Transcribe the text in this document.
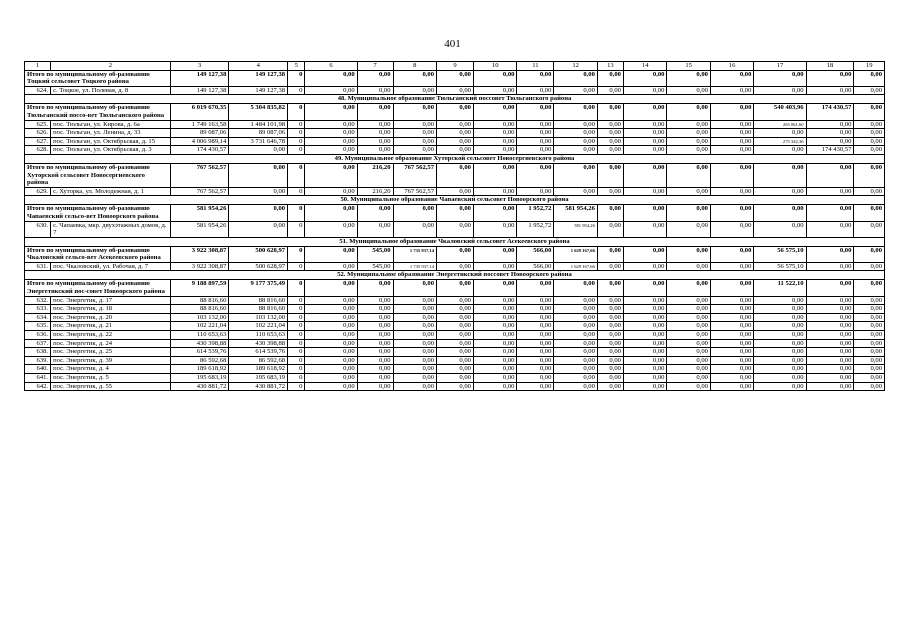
401
1	2	3	4	5	6	7	8	9	10	11	12	13	14	15	16	17	18	19
Итого по муниципальному об-разованию Тоцкий сельсовет Тоцкого района		149 127,38	149 127,38	0	0,00	0,00	0,00	0,00	0,00	0,00	0,00	0,00	0,00	0,00	0,00	0,00	0,00	0,00
624.	с. Тоцкое, ул. Полевая, д. 8	149 127,38	149 127,38	0	0,00	0,00	0,00	0,00	0,00	0,00	0,00	0,00	0,00	0,00	0,00	0,00	0,00	0,00
48. Муниципальное образование Тюльганский поссовет Тюльганского района																		
Итого по муниципальному об-разованию Тюльганский поссо-вет Тюльганского района		6 019 670,35	5 304 835,82	0	0,00	0,00	0,00	0,00	0,00	0,00	0,00	0,00	0,00	0,00	0,00	540 403,96	174 430,57	0,00
625.	пос. Тюльган, ул. Кирова, д. 6а	1 749 163,58	1 484 101,98	0	0,00	0,00	0,00	0,00	0,00	0,00	0,00	0,00	0,00	0,00	0,00	265 061,60	0,00	0,00
626.	пос. Тюльган, ул. Ленина, д. 33	89 087,06	89 087,06	0	0,00	0,00	0,00	0,00	0,00	0,00	0,00	0,00	0,00	0,00	0,00	0,00	0,00	0,00
627.	пос. Тюльган, ул. Октябрьская, д. 15	4 006 989,14	3 731 646,78	0	0,00	0,00	0,00	0,00	0,00	0,00	0,00	0,00	0,00	0,00	0,00	275 342,36	0,00	0,00
628.	пос. Тюльган, ул. Октябрьская, д. 3	174 430,57	0,00	0	0,00	0,00	0,00	0,00	0,00	0,00	0,00	0,00	0,00	0,00	0,00	0,00	174 430,57	0,00
49. Муниципальное образование Хуторской сельсовет Новосергиевского района																		
Итого по муниципальному об-разованию Хуторской сельсовет Новосергиевского района		767 562,57	0,00	0	0,00	216,20	767 562,57	0,00	0,00	0,00	0,00	0,00	0,00	0,00	0,00	0,00	0,00	0,00
629.	с. Хуторка, ул. Молодежная, д. 1	767 562,57	0,00	0	0,00	216,20	767 562,57	0,00	0,00	0,00	0,00	0,00	0,00	0,00	0,00	0,00	0,00	0,00
50. Муниципальное образование Чапаевский сельсовет Новоорского района																		
Итого по муниципальному об-разованию Чапаевский сельсо-вет Новоорского района		581 954,26	0,00	0	0,00	0,00	0,00	0,00	0,00	1 952,72	581 954,26	0,00	0,00	0,00	0,00	0,00	0,00	0,00
630.	с. Чапаевка, мкр. двухэтажных домов, д. 7	581 954,26	0,00	0	0,00	0,00	0,00	0,00	0,00	1 952,72	581 954,26	0,00	0,00	0,00	0,00	0,00	0,00	0,00
51. Муниципальное образование Чкаловский сельсовет Асекеевского района																		
Итого по муниципальному об-разованию Чкаловский сельсо-вет Асекеевского района		3 922 308,87	500 628,97	0	0,00	545,00	1 735 937,14	0,00	0,00	566,00	1 629 167,66	0,00	0,00	0,00	0,00	56 575,10	0,00	0,00
631.	пос. Чкаловский, ул. Рабочая, д. 7	3 922 308,87	500 628,97	0	0,00	545,00	1 735 937,14	0,00	0,00	566,00	1 629 167,66	0,00	0,00	0,00	0,00	56 575,10	0,00	0,00
52. Муниципальное образование Энергетикский поссовет Новоорского района																		
Итого по муниципальному об-разованию Энергетикский пос-совет Новоорского района		9 188 897,59	9 177 375,49	0	0,00	0,00	0,00	0,00	0,00	0,00	0,00	0,00	0,00	0,00	0,00	11 522,10	0,00	0,00
632.	пос. Энергетик, д. 17	88 816,60	88 816,60	0	0,00	0,00	0,00	0,00	0,00	0,00	0,00	0,00	0,00	0,00	0,00	0,00	0,00	0,00
633.	пос. Энергетик, д. 18	88 816,60	88 816,60	0	0,00	0,00	0,00	0,00	0,00	0,00	0,00	0,00	0,00	0,00	0,00	0,00	0,00	0,00
634.	пос. Энергетик, д. 20	103 132,00	103 132,00	0	0,00	0,00	0,00	0,00	0,00	0,00	0,00	0,00	0,00	0,00	0,00	0,00	0,00	0,00
635.	пос. Энергетик, д. 21	102 221,04	102 221,04	0	0,00	0,00	0,00	0,00	0,00	0,00	0,00	0,00	0,00	0,00	0,00	0,00	0,00	0,00
636.	пос. Энергетик, д. 22	110 653,63	110 653,63	0	0,00	0,00	0,00	0,00	0,00	0,00	0,00	0,00	0,00	0,00	0,00	0,00	0,00	0,00
637.	пос. Энергетик, д. 24	430 398,88	430 398,88	0	0,00	0,00	0,00	0,00	0,00	0,00	0,00	0,00	0,00	0,00	0,00	0,00	0,00	0,00
638.	пос. Энергетик, д. 25	614 539,76	614 539,76	0	0,00	0,00	0,00	0,00	0,00	0,00	0,00	0,00	0,00	0,00	0,00	0,00	0,00	0,00
639.	пос. Энергетик, д. 39	86 592,68	86 592,68	0	0,00	0,00	0,00	0,00	0,00	0,00	0,00	0,00	0,00	0,00	0,00	0,00	0,00	0,00
640.	пос. Энергетик, д. 4	189 618,92	189 618,92	0	0,00	0,00	0,00	0,00	0,00	0,00	0,00	0,00	0,00	0,00	0,00	0,00	0,00	0,00
641.	пос. Энергетик, д. 5	195 683,19	195 683,19	0	0,00	0,00	0,00	0,00	0,00	0,00	0,00	0,00	0,00	0,00	0,00	0,00	0,00	0,00
642.	пос. Энергетик, д. 55	430 881,72	430 881,72	0	0,00	0,00	0,00	0,00	0,00	0,00	0,00	0,00	0,00	0,00	0,00	0,00	0,00	0,00
